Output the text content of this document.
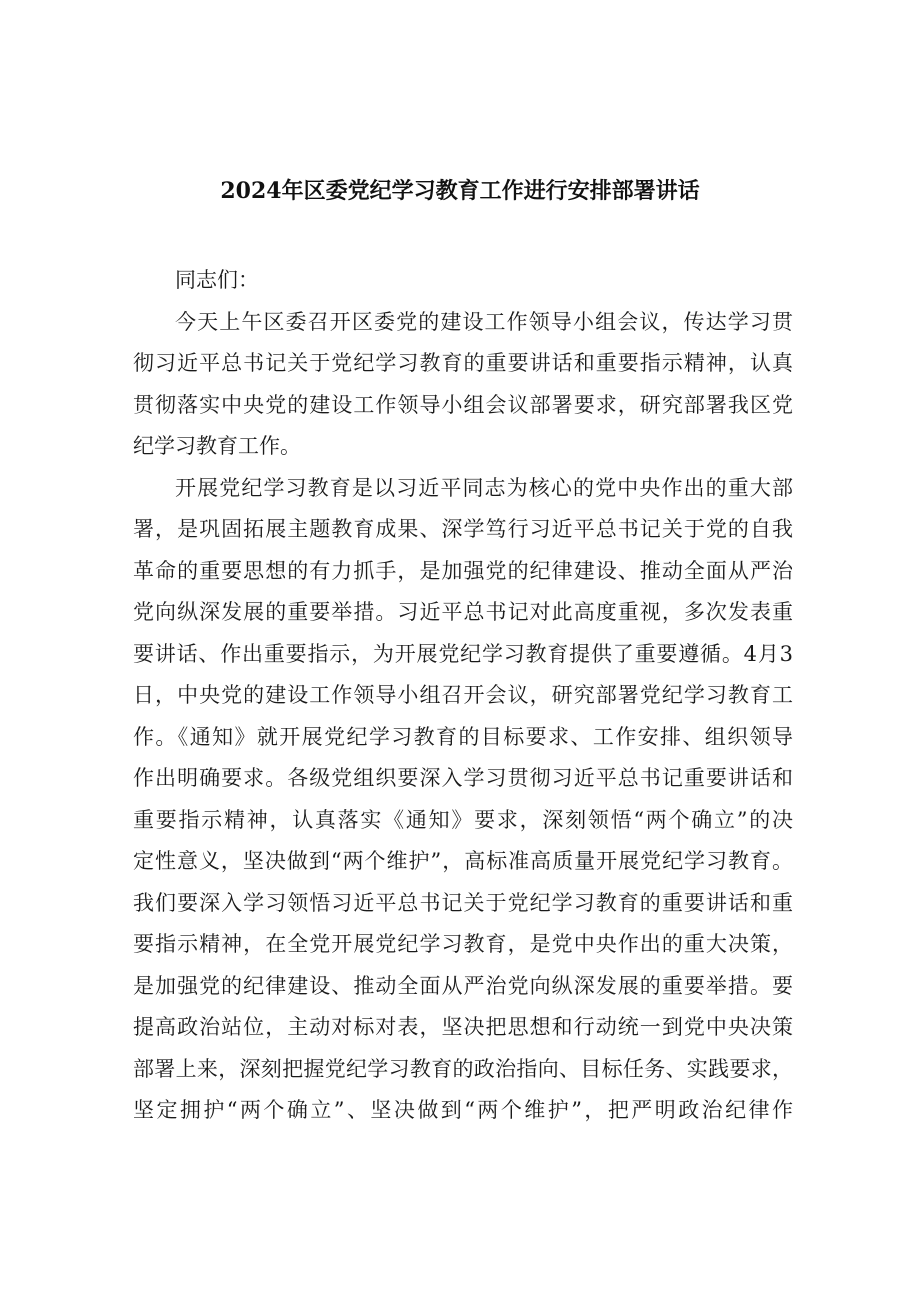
2024年区委党纪学习教育工作进行安排部署讲话
同志们：
今天上午区委召开区委党的建设工作领导小组会议，传达学习贯
彻习近平总书记关于党纪学习教育的重要讲话和重要指示精神，认真
贯彻落实中央党的建设工作领导小组会议部署要求，研究部署我区党
纪学习教育工作。
开展党纪学习教育是以习近平同志为核心的党中央作出的重大部
署，是巩固拓展主题教育成果、深学笃行习近平总书记关于党的自我
革命的重要思想的有力抓手，是加强党的纪律建设、推动全面从严治
党向纵深发展的重要举措。习近平总书记对此高度重视，多次发表重
要讲话、作出重要指示，为开展党纪学习教育提供了重要遵循。4月3
日，中央党的建设工作领导小组召开会议，研究部署党纪学习教育工
作。《通知》就开展党纪学习教育的目标要求、工作安排、组织领导
作出明确要求。各级党组织要深入学习贯彻习近平总书记重要讲话和
重要指示精神，认真落实《通知》要求，深刻领悟“两个确立”的决
定性意义，坚决做到“两个维护”，高标准高质量开展党纪学习教育。
我们要深入学习领悟习近平总书记关于党纪学习教育的重要讲话和重
要指示精神，在全党开展党纪学习教育，是党中央作出的重大决策，
是加强党的纪律建设、推动全面从严治党向纵深发展的重要举措。要
提高政治站位，主动对标对表，坚决把思想和行动统一到党中央决策
部署上来，深刻把握党纪学习教育的政治指向、目标任务、实践要求，
坚定拥护“两个确立”、坚决做到“两个维护”，把严明政治纪律作
